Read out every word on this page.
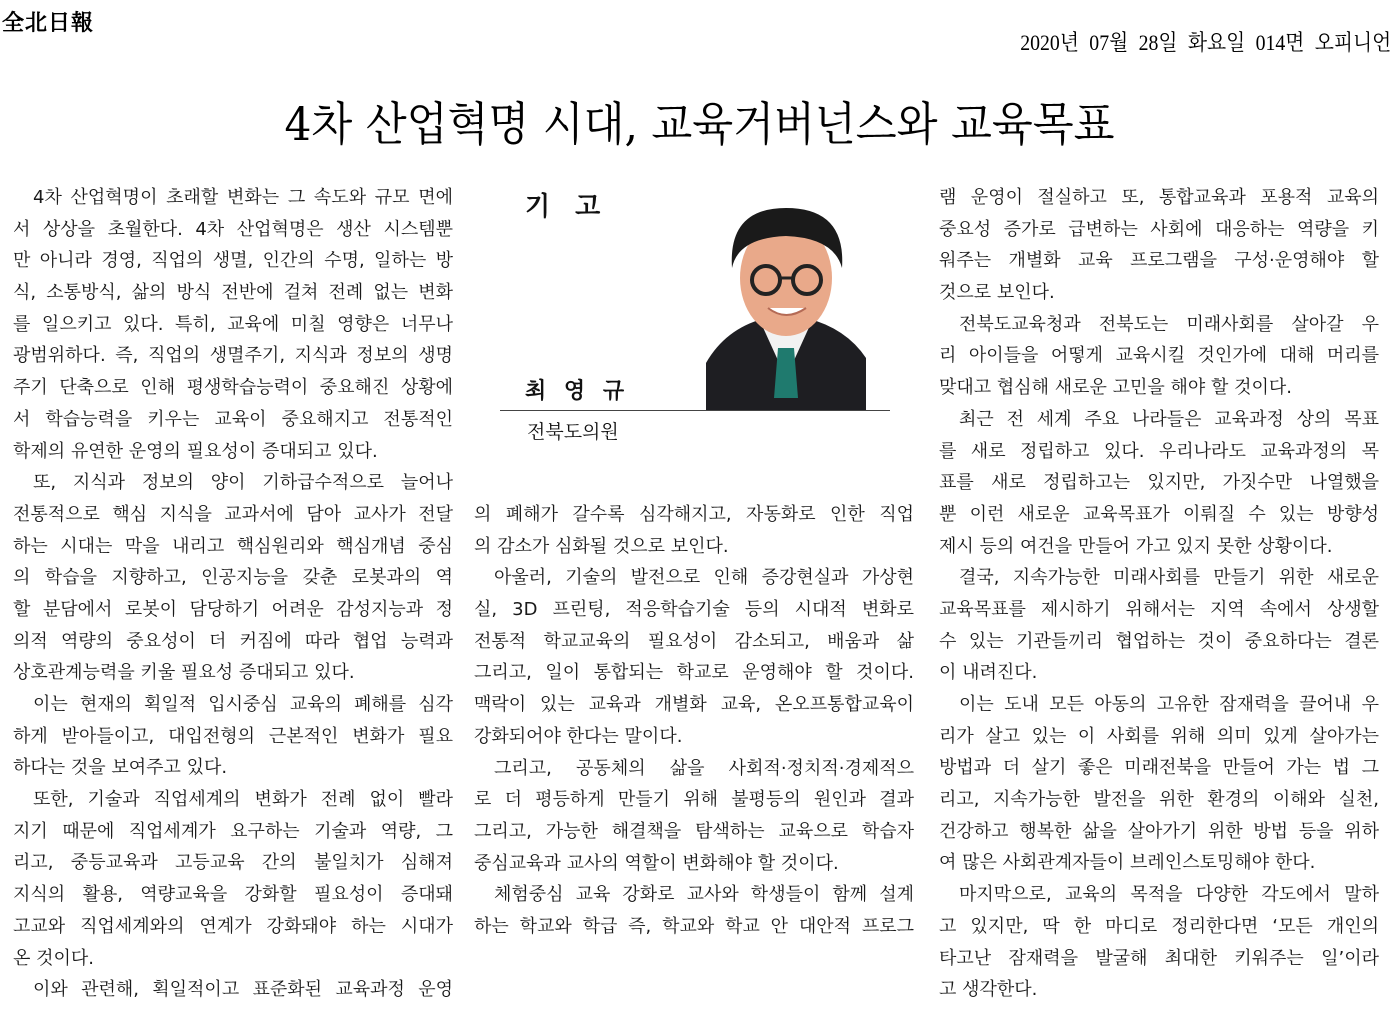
全北日報
2020년 07월 28일 화요일 014면 오피니언
4차 산업혁명 시대, 교육거버넌스와 교육목표
기 고
최 영 규
전북도의원
4차 산업혁명이 초래할 변화는 그 속도와 규모 면에
서 상상을 초월한다. 4차 산업혁명은 생산 시스템뿐
만 아니라 경영, 직업의 생멸, 인간의 수명, 일하는 방
식, 소통방식, 삶의 방식 전반에 걸쳐 전례 없는 변화
를 일으키고 있다. 특히, 교육에 미칠 영향은 너무나
광범위하다. 즉, 직업의 생멸주기, 지식과 정보의 생명
주기 단축으로 인해 평생학습능력이 중요해진 상황에
서 학습능력을 키우는 교육이 중요해지고 전통적인
학제의 유연한 운영의 필요성이 증대되고 있다.
또, 지식과 정보의 양이 기하급수적으로 늘어나
전통적으로 핵심 지식을 교과서에 담아 교사가 전달
하는 시대는 막을 내리고 핵심원리와 핵심개념 중심
의 학습을 지향하고, 인공지능을 갖춘 로봇과의 역
할 분담에서 로봇이 담당하기 어려운 감성지능과 정
의적 역량의 중요성이 더 커짐에 따라 협업 능력과
상호관계능력을 키울 필요성 증대되고 있다.
이는 현재의 획일적 입시중심 교육의 폐해를 심각
하게 받아들이고, 대입전형의 근본적인 변화가 필요
하다는 것을 보여주고 있다.
또한, 기술과 직업세계의 변화가 전례 없이 빨라
지기 때문에 직업세계가 요구하는 기술과 역량, 그
리고, 중등교육과 고등교육 간의 불일치가 심해져
지식의 활용, 역량교육을 강화할 필요성이 증대돼
고교와 직업세계와의 연계가 강화돼야 하는 시대가
온 것이다.
이와 관련해, 획일적이고 표준화된 교육과정 운영
의 폐해가 갈수록 심각해지고, 자동화로 인한 직업
의 감소가 심화될 것으로 보인다.
아울러, 기술의 발전으로 인해 증강현실과 가상현
실, 3D 프린팅, 적응학습기술 등의 시대적 변화로
전통적 학교교육의 필요성이 감소되고, 배움과 삶
그리고, 일이 통합되는 학교로 운영해야 할 것이다.
맥락이 있는 교육과 개별화 교육, 온오프통합교육이
강화되어야 한다는 말이다.
그리고, 공동체의 삶을 사회적·정치적·경제적으
로 더 평등하게 만들기 위해 불평등의 원인과 결과
그리고, 가능한 해결책을 탐색하는 교육으로 학습자
중심교육과 교사의 역할이 변화해야 할 것이다.
체험중심 교육 강화로 교사와 학생들이 함께 설계
하는 학교와 학급 즉, 학교와 학교 안 대안적 프로그
램 운영이 절실하고 또, 통합교육과 포용적 교육의
중요성 증가로 급변하는 사회에 대응하는 역량을 키
워주는 개별화 교육 프로그램을 구성·운영해야 할
것으로 보인다.
전북도교육청과 전북도는 미래사회를 살아갈 우
리 아이들을 어떻게 교육시킬 것인가에 대해 머리를
맞대고 협심해 새로운 고민을 해야 할 것이다.
최근 전 세계 주요 나라들은 교육과정 상의 목표
를 새로 정립하고 있다. 우리나라도 교육과정의 목
표를 새로 정립하고는 있지만, 가짓수만 나열했을
뿐 이런 새로운 교육목표가 이뤄질 수 있는 방향성
제시 등의 여건을 만들어 가고 있지 못한 상황이다.
결국, 지속가능한 미래사회를 만들기 위한 새로운
교육목표를 제시하기 위해서는 지역 속에서 상생할
수 있는 기관들끼리 협업하는 것이 중요하다는 결론
이 내려진다.
이는 도내 모든 아동의 고유한 잠재력을 끌어내 우
리가 살고 있는 이 사회를 위해 의미 있게 살아가는
방법과 더 살기 좋은 미래전북을 만들어 가는 법 그
리고, 지속가능한 발전을 위한 환경의 이해와 실천,
건강하고 행복한 삶을 살아가기 위한 방법 등을 위하
여 많은 사회관계자들이 브레인스토밍해야 한다.
마지막으로, 교육의 목적을 다양한 각도에서 말하
고 있지만, 딱 한 마디로 정리한다면 ‘모든 개인의
타고난 잠재력을 발굴해 최대한 키워주는 일’이라
고 생각한다.
